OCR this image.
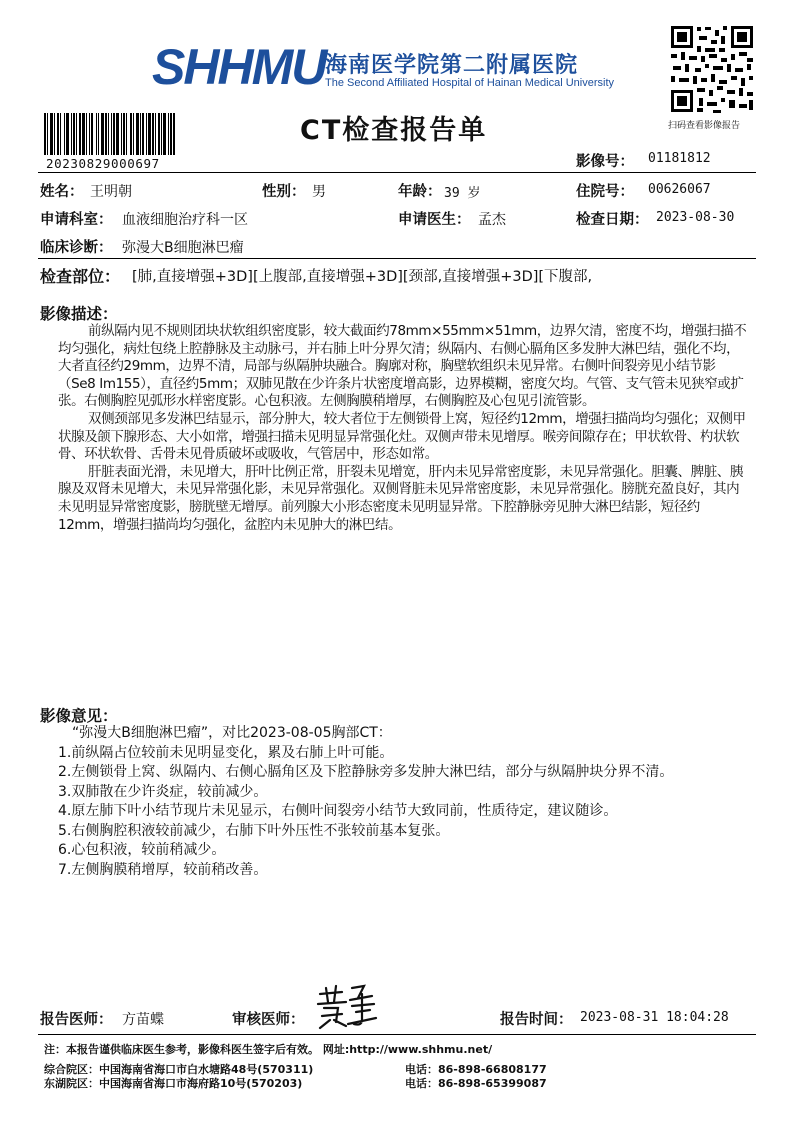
SHHMU 海南医学院第二附属医院
The Second Affiliated Hospital of Hainan Medical University
扫码查看影像报告
20230829000697
CT检查报告单
影像号： 01181812
姓名： 王明朝	性别： 男	年龄： 39 岁	住院号： 00626067
申请科室： 血液细胞治疗科一区	申请医生： 孟杰	检查日期： 2023-08-30
临床诊断： 弥漫大B细胞淋巴瘤
检查部位： [肺,直接增强+3D][上腹部,直接增强+3D][颈部,直接增强+3D][下腹部,
影像描述：

前纵隔内见不规则团块状软组织密度影，较大截面约78mm×55mm×51mm，边界欠清，密度不均，增强扫描不均匀强化，病灶包绕上腔静脉及主动脉弓，并右肺上叶分界欠清；纵隔内、右侧心膈角区多发肿大淋巴结，强化不均，大者直径约29mm，边界不清，局部与纵隔肿块融合。胸廓对称，胸壁软组织未见异常。右侧叶间裂旁见小结节影（Se8 Im155），直径约5mm；双肺见散在少许条片状密度增高影，边界模糊，密度欠均。气管、支气管未见狭窄或扩张。右侧胸腔见弧形水样密度影。心包积液。左侧胸膜稍增厚，右侧胸腔及心包见引流管影。

双侧颈部见多发淋巴结显示，部分肿大，较大者位于左侧锁骨上窝，短径约12mm，增强扫描尚均匀强化；双侧甲状腺及颌下腺形态、大小如常，增强扫描未见明显异常强化灶。双侧声带未见增厚。喉旁间隙存在；甲状软骨、杓状软骨、环状软骨、舌骨未见骨质破坏或吸收，气管居中，形态如常。

肝脏表面光滑，未见增大，肝叶比例正常，肝裂未见增宽，肝内未见异常密度影，未见异常强化。胆囊、脾脏、胰腺及双肾未见增大，未见异常强化影，未见异常强化。双侧肾脏未见异常密度影，未见异常强化。膀胱充盈良好，其内未见明显异常密度影，膀胱壁无增厚。前列腺大小形态密度未见明显异常。下腔静脉旁见肿大淋巴结影，短径约12mm，增强扫描尚均匀强化，盆腔内未见肿大的淋巴结。

影像意见：

“弥漫大B细胞淋巴瘤”，对比2023-08-05胸部CT：

1.前纵隔占位较前未见明显变化，累及右肺上叶可能。

2.左侧锁骨上窝、纵隔内、右侧心膈角区及下腔静脉旁多发肿大淋巴结，部分与纵隔肿块分界不清。

3.双肺散在少许炎症，较前减少。

4.原左肺下叶小结节现片未见显示，右侧叶间裂旁小结节大致同前，性质待定，建议随诊。

5.右侧胸腔积液较前减少，右肺下叶外压性不张较前基本复张。

6.心包积液，较前稍减少。

7.左侧胸膜稍增厚，较前稍改善。

报告医师： 方苗蝶	审核医师：	报告时间： 2023-08-31 18:04:28
注：本报告谨供临床医生参考，影像科医生签字后有效。 网址:http://www.shhmu.net/
综合院区：中国海南省海口市白水塘路48号(570311)	电话：86-898-66808177
东湖院区：中国海南省海口市海府路10号(570203)	电话：86-898-65399087
